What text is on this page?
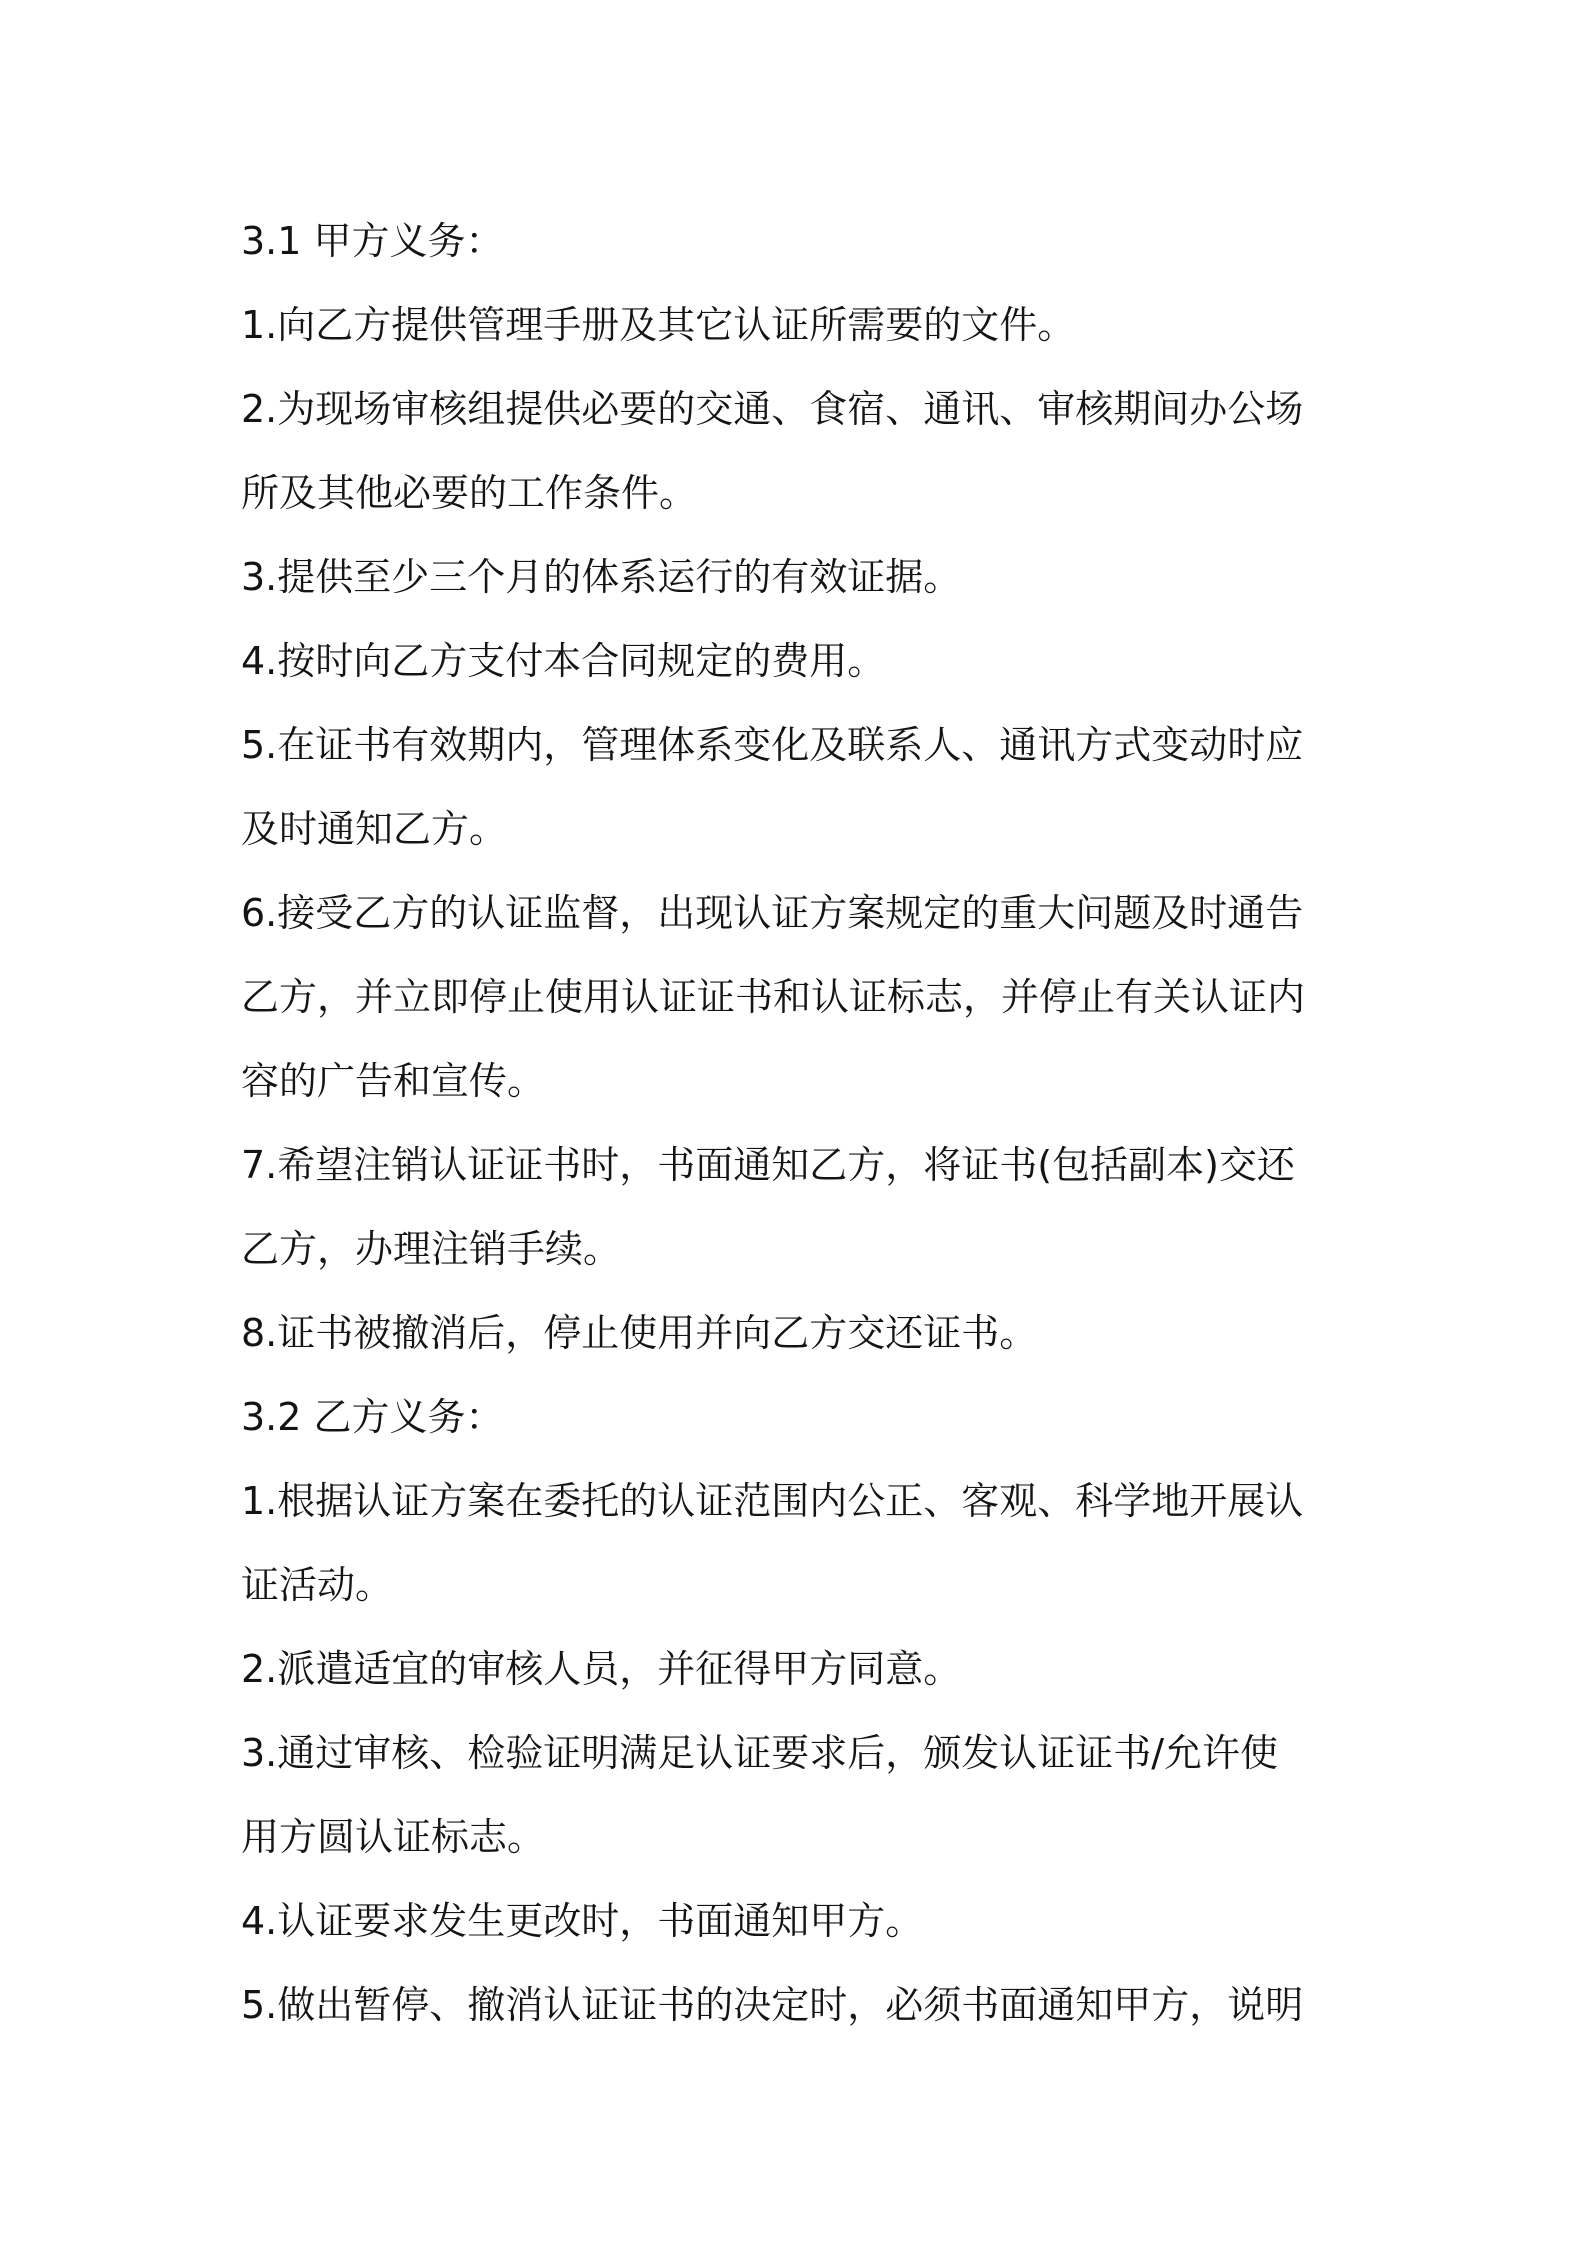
3.1 甲方义务：

1.向乙方提供管理手册及其它认证所需要的文件。

2.为现场审核组提供必要的交通、食宿、通讯、审核期间办公场

所及其他必要的工作条件。

3.提供至少三个月的体系运行的有效证据。

4.按时向乙方支付本合同规定的费用。

5.在证书有效期内，管理体系变化及联系人、通讯方式变动时应

及时通知乙方。

6.接受乙方的认证监督，出现认证方案规定的重大问题及时通告

乙方，并立即停止使用认证证书和认证标志，并停止有关认证内

容的广告和宣传。

7.希望注销认证证书时，书面通知乙方，将证书(包括副本)交还

乙方，办理注销手续。

8.证书被撤消后，停止使用并向乙方交还证书。

3.2 乙方义务：

1.根据认证方案在委托的认证范围内公正、客观、科学地开展认

证活动。

2.派遣适宜的审核人员，并征得甲方同意。

3.通过审核、检验证明满足认证要求后，颁发认证证书/允许使

用方圆认证标志。

4.认证要求发生更改时，书面通知甲方。

5.做出暂停、撤消认证证书的决定时，必须书面通知甲方，说明
